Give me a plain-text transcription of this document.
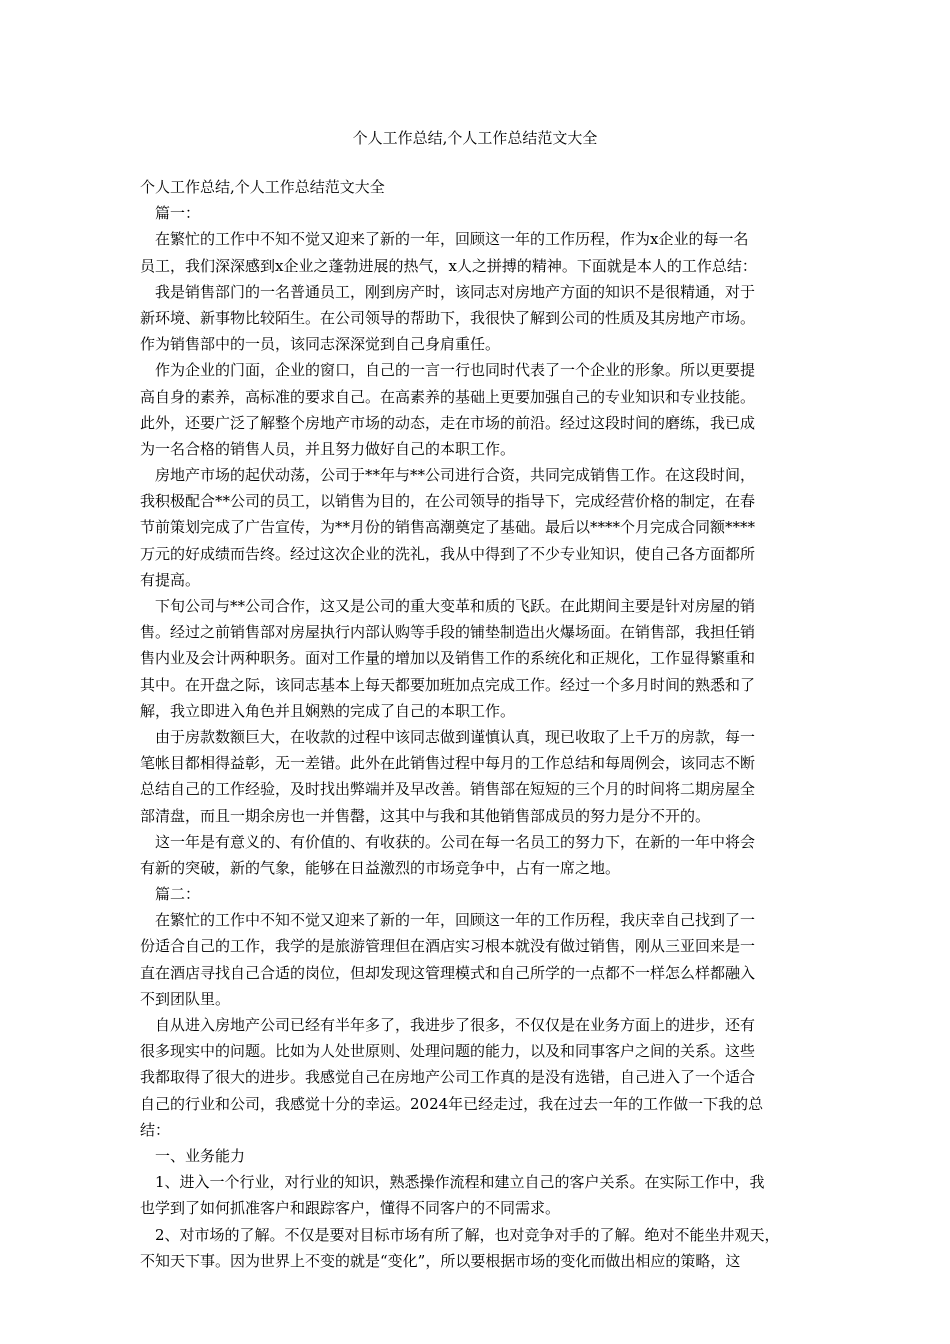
个人工作总结,个人工作总结范文大全
个人工作总结,个人工作总结范文大全
　篇一：
　在繁忙的工作中不知不觉又迎来了新的一年，回顾这一年的工作历程，作为x企业的每一名
员工，我们深深感到x企业之蓬勃进展的热气，x人之拼搏的精神。下面就是本人的工作总结：
　我是销售部门的一名普通员工，刚到房产时，该同志对房地产方面的知识不是很精通，对于
新环境、新事物比较陌生。在公司领导的帮助下，我很快了解到公司的性质及其房地产市场。
作为销售部中的一员，该同志深深觉到自己身肩重任。
　作为企业的门面，企业的窗口，自己的一言一行也同时代表了一个企业的形象。所以更要提
高自身的素养，高标准的要求自己。在高素养的基础上更要加强自己的专业知识和专业技能。
此外，还要广泛了解整个房地产市场的动态，走在市场的前沿。经过这段时间的磨练，我已成
为一名合格的销售人员，并且努力做好自己的本职工作。
　房地产市场的起伏动荡，公司于**年与**公司进行合资，共同完成销售工作。在这段时间，
我积极配合**公司的员工，以销售为目的，在公司领导的指导下，完成经营价格的制定，在春
节前策划完成了广告宣传，为**月份的销售高潮奠定了基础。最后以****个月完成合同额****
万元的好成绩而告终。经过这次企业的洗礼，我从中得到了不少专业知识，使自己各方面都所
有提高。
　下旬公司与**公司合作，这又是公司的重大变革和质的飞跃。在此期间主要是针对房屋的销
售。经过之前销售部对房屋执行内部认购等手段的铺垫制造出火爆场面。在销售部，我担任销
售内业及会计两种职务。面对工作量的增加以及销售工作的系统化和正规化，工作显得繁重和
其中。在开盘之际，该同志基本上每天都要加班加点完成工作。经过一个多月时间的熟悉和了
解，我立即进入角色并且娴熟的完成了自己的本职工作。
　由于房款数额巨大，在收款的过程中该同志做到谨慎认真，现已收取了上千万的房款，每一
笔帐目都相得益彰，无一差错。此外在此销售过程中每月的工作总结和每周例会，该同志不断
总结自己的工作经验，及时找出弊端并及早改善。销售部在短短的三个月的时间将二期房屋全
部清盘，而且一期余房也一并售罄，这其中与我和其他销售部成员的努力是分不开的。
　这一年是有意义的、有价值的、有收获的。公司在每一名员工的努力下，在新的一年中将会
有新的突破，新的气象，能够在日益激烈的市场竞争中，占有一席之地。
　篇二：
　在繁忙的工作中不知不觉又迎来了新的一年，回顾这一年的工作历程，我庆幸自己找到了一
份适合自己的工作，我学的是旅游管理但在酒店实习根本就没有做过销售，刚从三亚回来是一
直在酒店寻找自己合适的岗位，但却发现这管理模式和自己所学的一点都不一样怎么样都融入
不到团队里。
　自从进入房地产公司已经有半年多了，我进步了很多，不仅仅是在业务方面上的进步，还有
很多现实中的问题。比如为人处世原则、处理问题的能力，以及和同事客户之间的关系。这些
我都取得了很大的进步。我感觉自己在房地产公司工作真的是没有选错，自己进入了一个适合
自己的行业和公司，我感觉十分的幸运。2024年已经走过，我在过去一年的工作做一下我的总
结：
　一、业务能力
　1、进入一个行业，对行业的知识，熟悉操作流程和建立自己的客户关系。在实际工作中，我
也学到了如何抓准客户和跟踪客户，懂得不同客户的不同需求。
　2、对市场的了解。不仅是要对目标市场有所了解，也对竞争对手的了解。绝对不能坐井观天，
不知天下事。因为世界上不变的就是“变化”，所以要根据市场的变化而做出相应的策略，这
